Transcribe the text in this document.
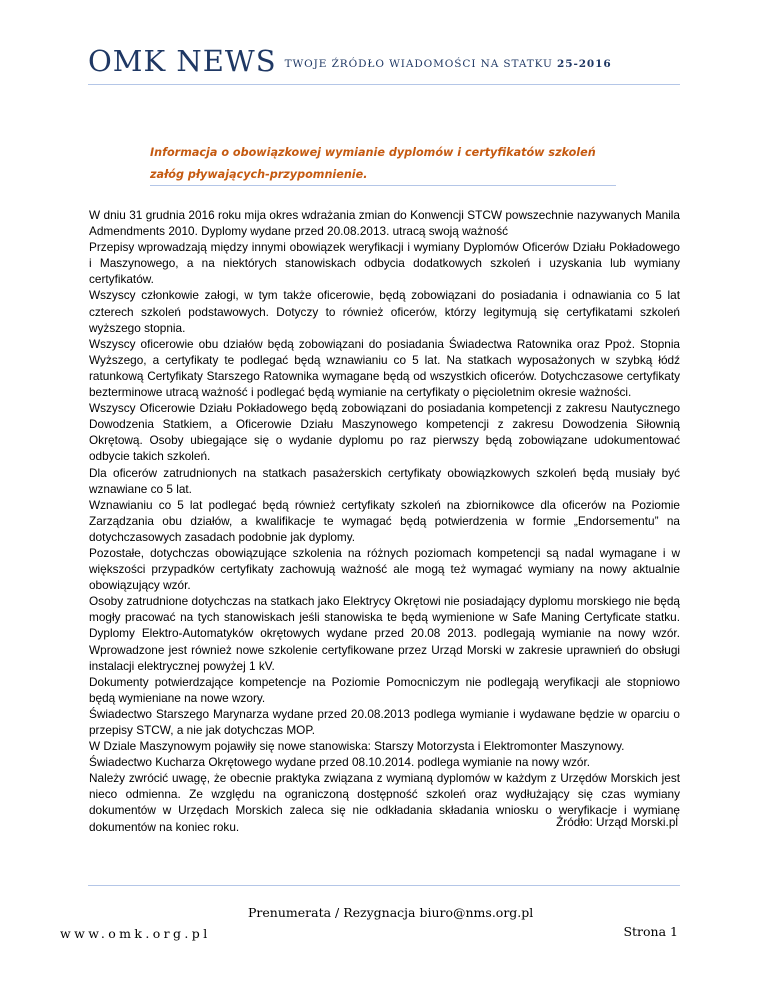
OMK NEWS $^{TWOJE ŹRÓDŁO WIADOMOŚCI NA STATKU 25-2016}$
Informacja o obowiązkowej wymianie dyplomów i certyfikatów szkoleń załóg pływających-przypomnienie.

W dniu 31 grudnia 2016 roku mija okres wdrażania zmian do Konwencji STCW powszechnie nazywanych Manila Admendments 2010. Dyplomy wydane przed 20.08.2013. utracą swoją ważność

Przepisy wprowadzają między innymi obowiązek weryfikacji i wymiany Dyplomów Oficerów Działu Pokładowego i Maszynowego, a na niektórych stanowiskach odbycia dodatkowych szkoleń i uzyskania lub wymiany certyfikatów.

Wszyscy członkowie załogi, w tym także oficerowie, będą zobowiązani do posiadania i odnawiania co 5 lat czterech szkoleń podstawowych. Dotyczy to również oficerów, którzy legitymują się certyfikatami szkoleń wyższego stopnia.

Wszyscy oficerowie obu działów będą zobowiązani do posiadania Świadectwa Ratownika oraz Ppoż. Stopnia Wyższego, a certyfikaty te podlegać będą wznawianiu co 5 lat. Na statkach wyposażonych w szybką łódź ratunkową Certyfikaty Starszego Ratownika wymagane będą od wszystkich oficerów. Dotychczasowe certyfikaty bezterminowe utracą ważność i podlegać będą wymianie na certyfikaty o pięcioletnim okresie ważności.

Wszyscy Oficerowie Działu Pokładowego będą zobowiązani do posiadania kompetencji z zakresu Nautycznego Dowodzenia Statkiem, a Oficerowie Działu Maszynowego kompetencji z zakresu Dowodzenia Siłownią Okrętową. Osoby ubiegające się o wydanie dyplomu po raz pierwszy będą zobowiązane udokumentować odbycie takich szkoleń.

Dla oficerów zatrudnionych na statkach pasażerskich certyfikaty obowiązkowych szkoleń będą musiały być wznawiane co 5 lat.

Wznawianiu co 5 lat podlegać będą również certyfikaty szkoleń na zbiornikowce dla oficerów na Poziomie Zarządzania obu działów, a kwalifikacje te wymagać będą potwierdzenia w formie „Endorsementu” na dotychczasowych zasadach podobnie jak dyplomy.

Pozostałe, dotychczas obowiązujące szkolenia na różnych poziomach kompetencji są nadal wymagane i w większości przypadków certyfikaty zachowują ważność ale mogą też wymagać wymiany na nowy aktualnie obowiązujący wzór.

Osoby zatrudnione dotychczas na statkach jako Elektrycy Okrętowi nie posiadający dyplomu morskiego nie będą mogły pracować na tych stanowiskach jeśli stanowiska te będą wymienione w Safe Maning Certyficate statku. Dyplomy Elektro-Automatyków okrętowych wydane przed 20.08 2013. podlegają wymianie na nowy wzór. Wprowadzone jest również nowe szkolenie certyfikowane przez Urząd Morski w zakresie uprawnień do obsługi instalacji elektrycznej powyżej 1 kV.

Dokumenty potwierdzające kompetencje na Poziomie Pomocniczym nie podlegają weryfikacji ale stopniowo będą wymieniane na nowe wzory.

Świadectwo Starszego Marynarza wydane przed 20.08.2013 podlega wymianie i wydawane będzie w oparciu o przepisy STCW, a nie jak dotychczas MOP.

W Dziale Maszynowym pojawiły się nowe stanowiska: Starszy Motorzysta i Elektromonter Maszynowy.

Świadectwo Kucharza Okrętowego wydane przed 08.10.2014. podlega wymianie na nowy wzór.

Należy zwrócić uwagę, że obecnie praktyka związana z wymianą dyplomów w każdym z Urzędów Morskich jest nieco odmienna. Ze względu na ograniczoną dostępność szkoleń oraz wydłużający się czas wymiany dokumentów w Urzędach Morskich zaleca się nie odkładania składania wniosku o weryfikacje i wymianę dokumentów na koniec roku.	Źródło: Urząd Morski.pl
Prenumerata / Rezygnacja biuro@nms.org.pl
www.omk.org.pl	Strona 1
